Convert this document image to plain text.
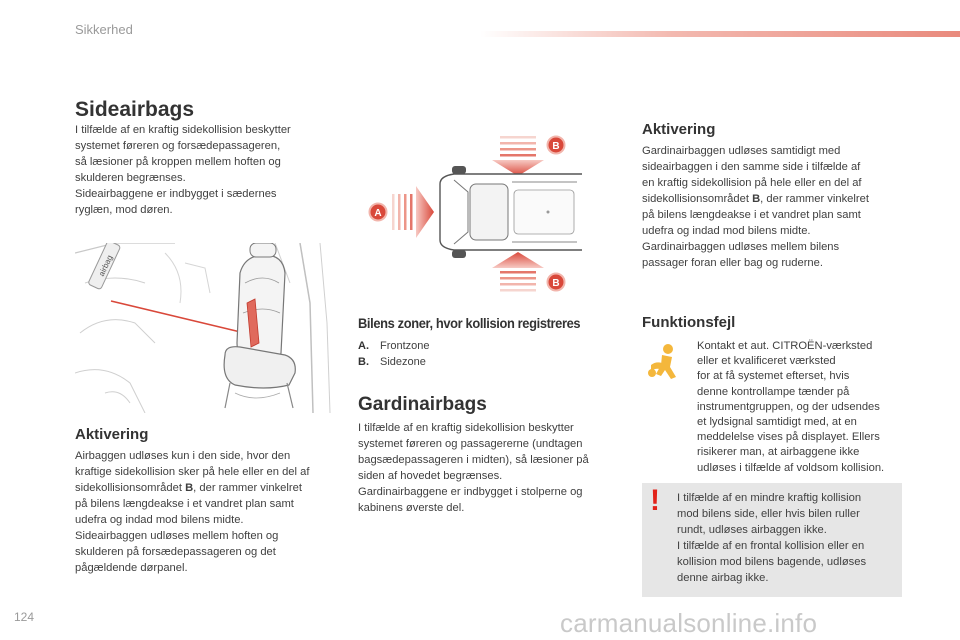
Sikkerhed
Sideairbags

I tilfælde af en kraftig sidekollision beskytter

systemet føreren og forsædepassageren,

så læsioner på kroppen mellem hoften og

skulderen begrænses.

Sideairbaggene er indbygget i sædernes

ryglæn, mod døren.

airbag
Aktivering

Airbaggen udløses kun i den side, hvor den

kraftige sidekollision sker på hele eller en del af

sidekollisionsområdet B, der rammer vinkelret

på bilens længdeakse i et vandret plan samt

udefra og indad mod bilens midte.

Sideairbaggen udløses mellem hoften og

skulderen på forsædepassageren og det

pågældende dørpanel.

B
A
B
Bilens zoner, hvor kollision registreres
A. Frontzone
B. Sidezone
Gardinairbags

I tilfælde af en kraftig sidekollision beskytter

systemet føreren og passagererne (undtagen

bagsædepassageren i midten), så læsioner på

siden af hovedet begrænses.

Gardinairbaggene er indbygget i stolperne og

kabinens øverste del.

Aktivering

Gardinairbaggen udløses samtidigt med

sideairbaggen i den samme side i tilfælde af

en kraftig sidekollision på hele eller en del af

sidekollisionsområdet B, der rammer vinkelret

på bilens længdeakse i et vandret plan samt

udefra og indad mod bilens midte.

Gardinairbaggen udløses mellem bilens

passager foran eller bag og ruderne.

Funktionsfejl

Kontakt et aut. CITROËN-værksted

eller et kvalificeret værksted

for at få systemet efterset, hvis

denne kontrollampe tænder på

instrumentgruppen, og der udsendes

et lydsignal samtidigt med, at en

meddelelse vises på displayet. Ellers

risikerer man, at airbaggene ikke

udløses i tilfælde af voldsom kollision.

! I tilfælde af en mindre kraftig kollision

mod bilens side, eller hvis bilen ruller

rundt, udløses airbaggen ikke.

I tilfælde af en frontal kollision eller en

kollision mod bilens bagende, udløses

denne airbag ikke.

124	carmanualsonline.info
